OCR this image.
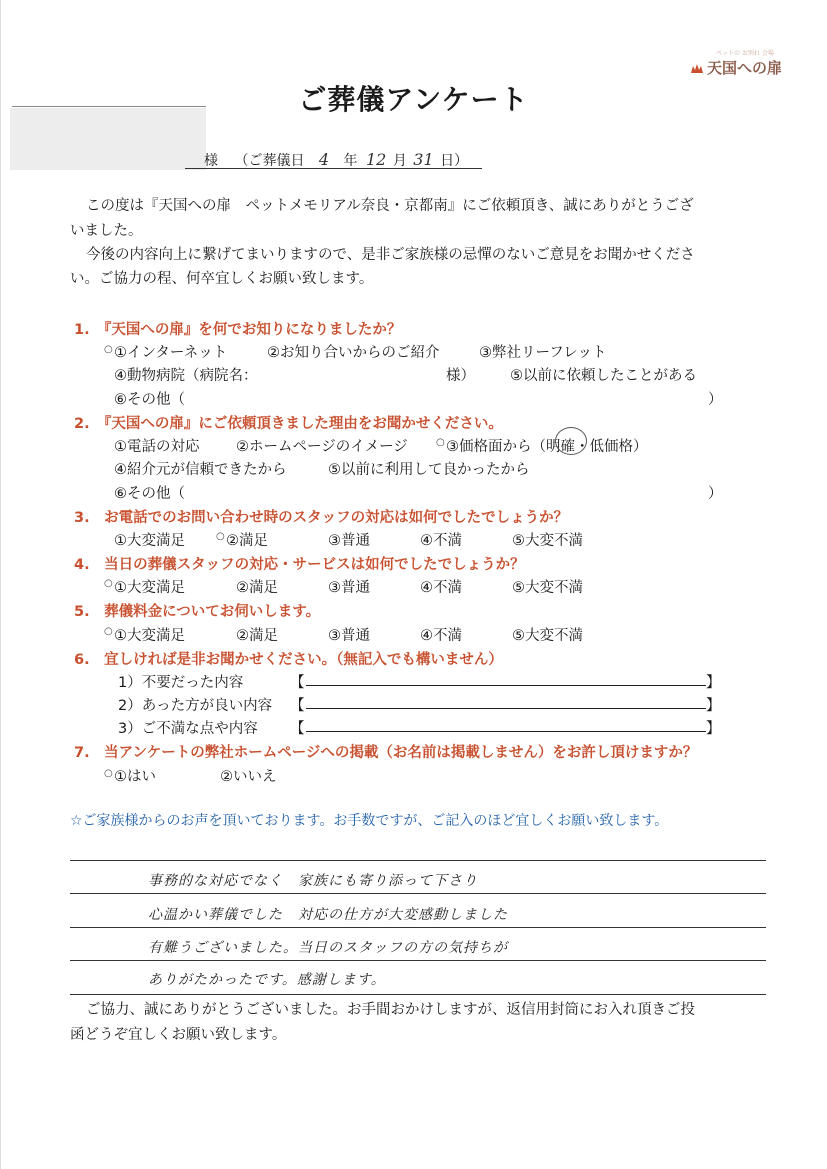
ペットの お別れ 会場
天国への扉
ご葬儀アンケート
様 （ご葬儀日 4 年 12 月 31 日）
この度は『天国への扉　ペットメモリアル奈良・京都南』にご依頼頂き、誠にありがとうござ
いました。
今後の内容向上に繋げてまいりますので、是非ご家族様の忌憚のないご意見をお聞かせくださ
い。ご協力の程、何卒宜しくお願い致します。
1.　『天国への扉』を何でお知りになりましたか？
○ ①インターネット	②お知り合いからのご紹介	③弊社リーフレット
④動物病院（病院名：	様） ⑤以前に依頼したことがある
⑥その他（	）
2.　『天国への扉』にご依頼頂きました理由をお聞かせください。
①電話の対応	②ホームページのイメージ	○ ③価格面から（明確・低価格）
④紹介元が信頼できたから	⑤以前に利用して良かったから
⑥その他（	）
3.　お電話でのお問い合わせ時のスタッフの対応は如何でしたでしょうか？
①大変満足	○ ②満足	③普通	④不満	⑤大変不満
4.　当日の葬儀スタッフの対応・サービスは如何でしたでしょうか？
○ ①大変満足	②満足	③普通	④不満	⑤大変不満
5.　葬儀料金についてお伺いします。
○ ①大変満足	②満足	③普通	④不満	⑤大変不満
6.　宜しければ是非お聞かせください。（無記入でも構いません）
1）不要だった内容	【	】
2）あった方が良い内容 【	】
3）ご不満な点や内容 【	】
7.　当アンケートの弊社ホームページへの掲載（お名前は掲載しません）をお許し頂けますか？
○ ①はい	②いいえ
☆ご家族様からのお声を頂いております。お手数ですが、ご記入のほど宜しくお願い致します。
事務的な対応でなく　家族にも寄り添って下さり
心温かい葬儀でした　対応の仕方が大変感動しました
有難うございました。当日のスタッフの方の気持ちが
ありがたかったです。感謝します。
ご協力、誠にありがとうございました。お手間おかけしますが、返信用封筒にお入れ頂きご投
函どうぞ宜しくお願い致します。
